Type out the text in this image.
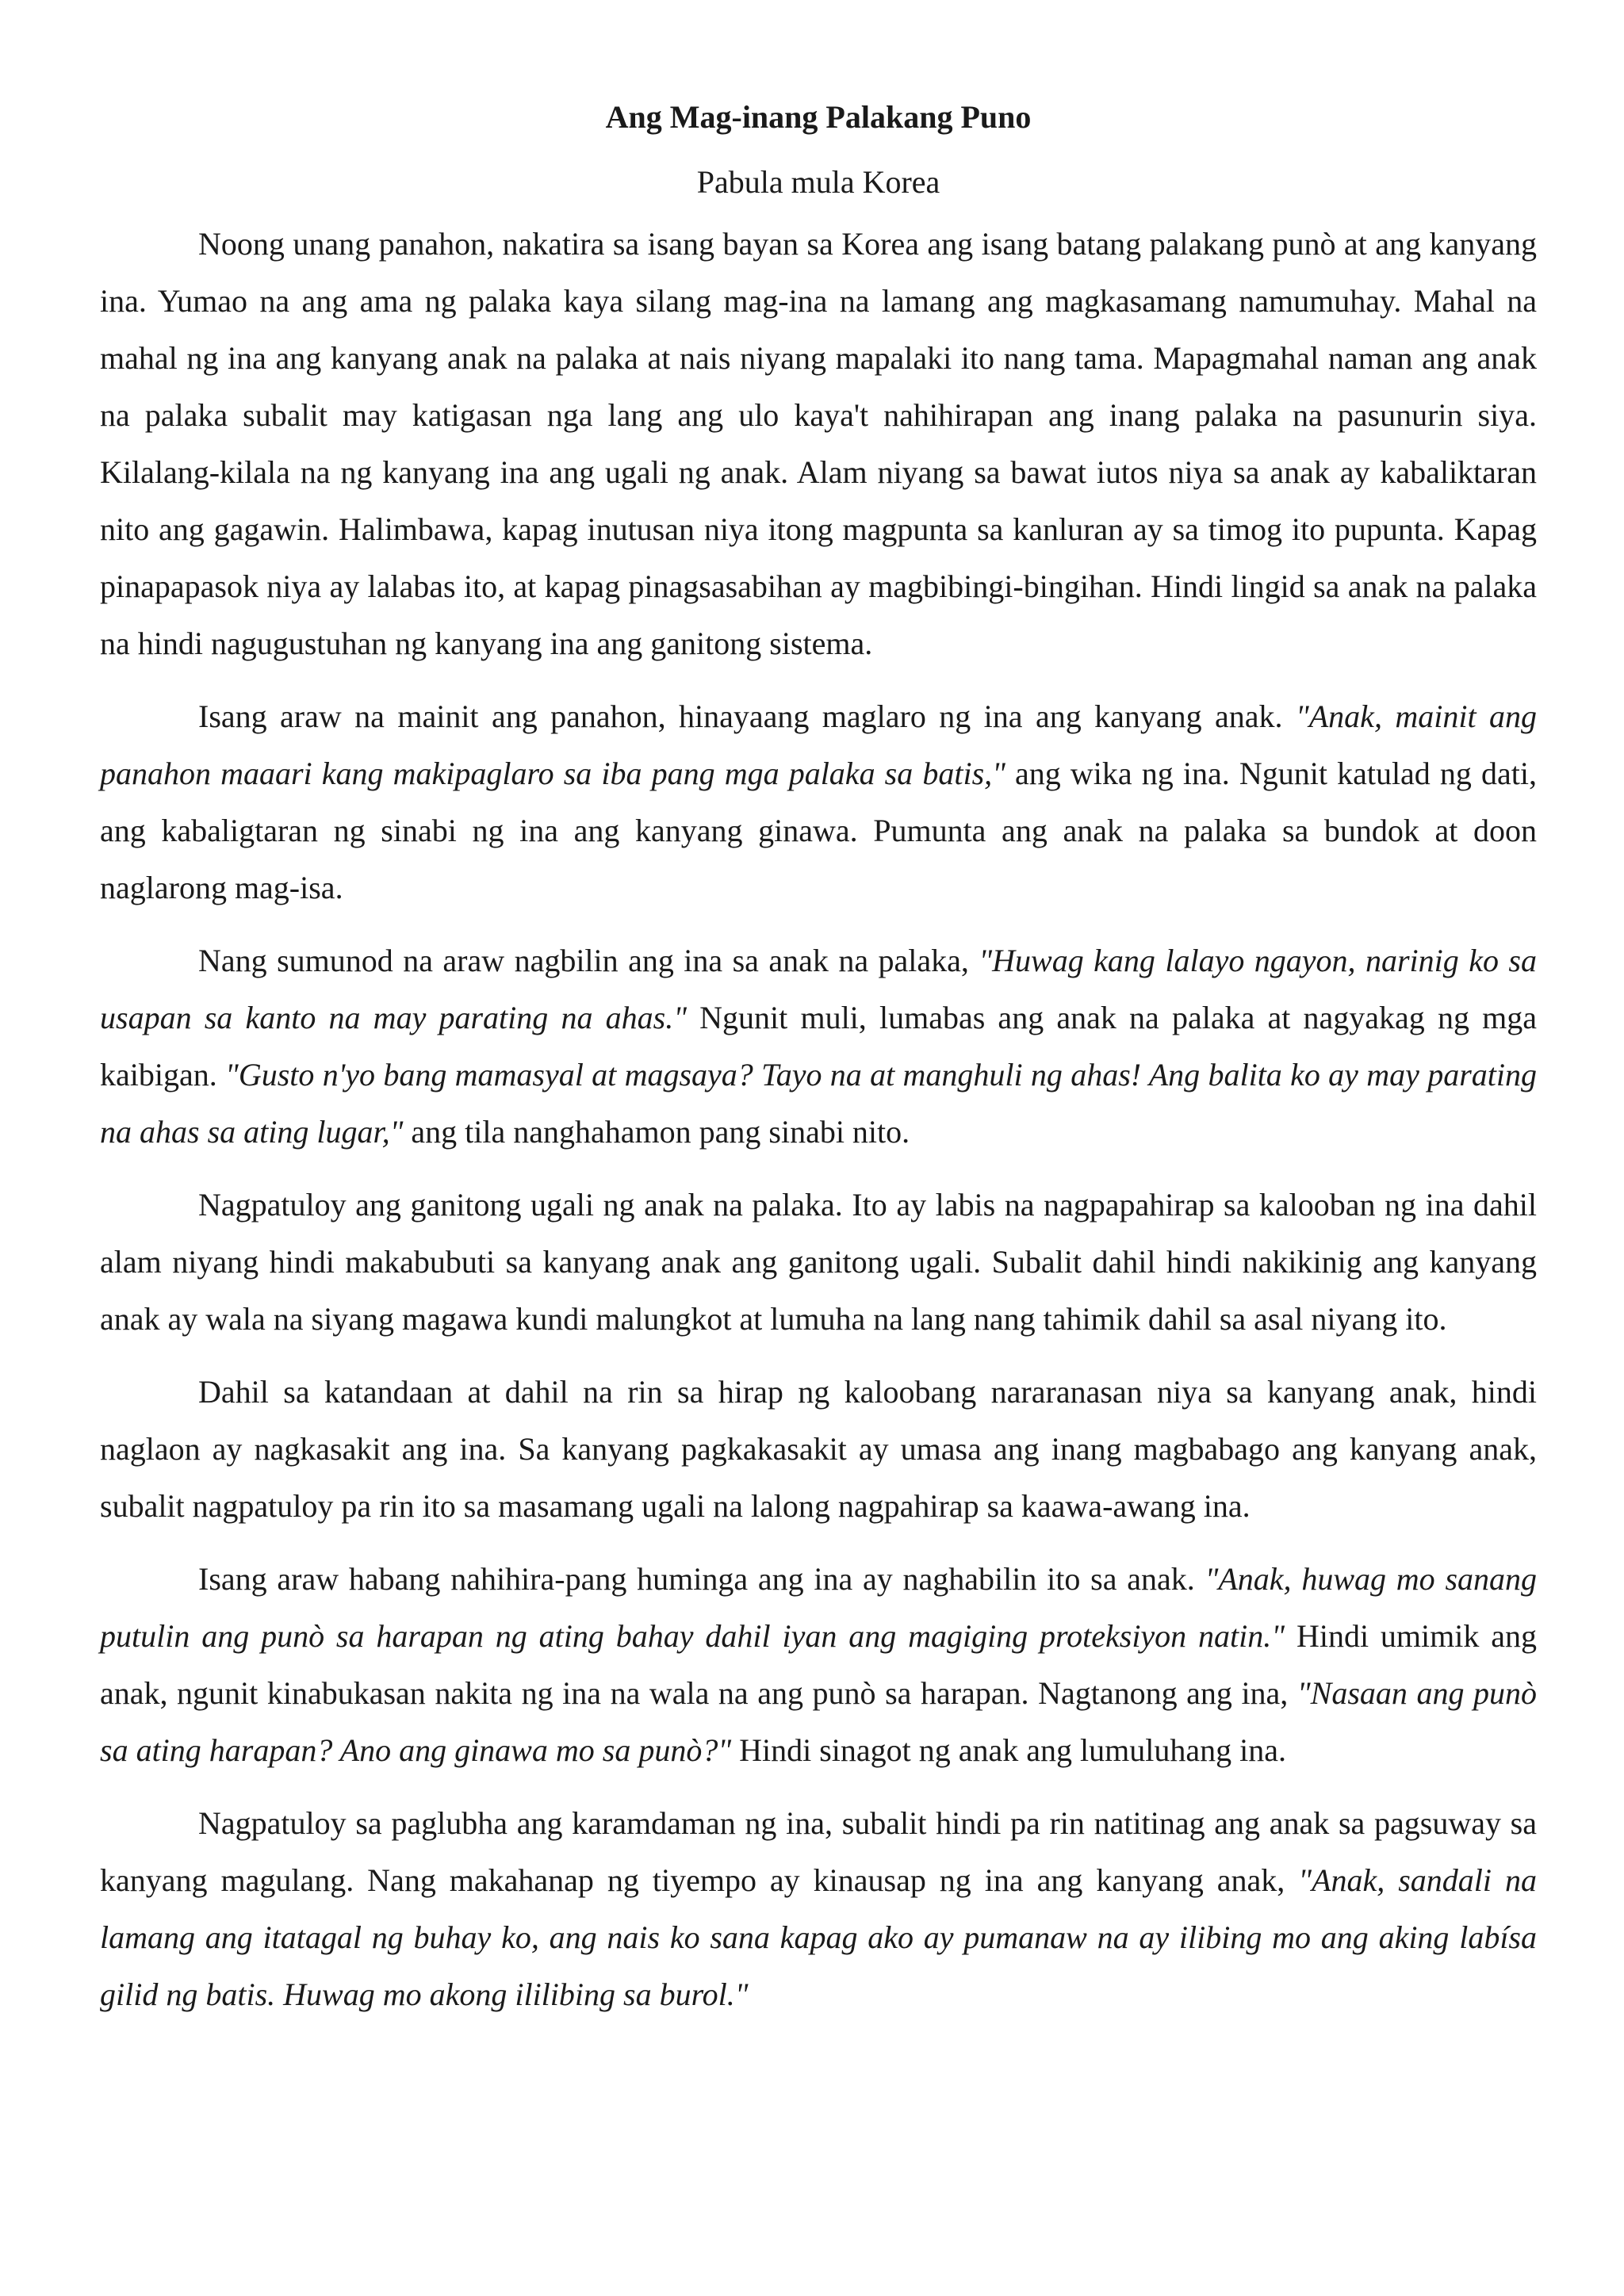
Ang Mag-inang Palakang Puno

Pabula mula Korea

Noong unang panahon, nakatira sa isang bayan sa Korea ang isang batang palakang punò at ang kanyang ina. Yumao na ang ama ng palaka kaya silang mag-ina na lamang ang magkasamang namumuhay. Mahal na mahal ng ina ang kanyang anak na palaka at nais niyang mapalaki ito nang tama. Mapagmahal naman ang anak na palaka subalit may katigasan nga lang ang ulo kaya't nahihirapan ang inang palaka na pasunurin siya. Kilalang-kilala na ng kanyang ina ang ugali ng anak. Alam niyang sa bawat iutos niya sa anak ay kabaliktaran nito ang gagawin. Halimbawa, kapag inutusan niya itong magpunta sa kanluran ay sa timog ito pupunta. Kapag pinapapasok niya ay lalabas ito, at kapag pinagsasabihan ay magbibingi-bingihan. Hindi lingid sa anak na palaka na hindi nagugustuhan ng kanyang ina ang ganitong sistema.

Isang araw na mainit ang panahon, hinayaang maglaro ng ina ang kanyang anak. "Anak, mainit ang panahon maaari kang makipaglaro sa iba pang mga palaka sa batis," ang wika ng ina. Ngunit katulad ng dati, ang kabaligtaran ng sinabi ng ina ang kanyang ginawa. Pumunta ang anak na palaka sa bundok at doon naglarong mag-isa.

Nang sumunod na araw nagbilin ang ina sa anak na palaka, "Huwag kang lalayo ngayon, narinig ko sa usapan sa kanto na may parating na ahas." Ngunit muli, lumabas ang anak na palaka at nagyakag ng mga kaibigan. "Gusto n'yo bang mamasyal at magsaya? Tayo na at manghuli ng ahas! Ang balita ko ay may parating na ahas sa ating lugar," ang tila nanghahamon pang sinabi nito.

Nagpatuloy ang ganitong ugali ng anak na palaka. Ito ay labis na nagpapahirap sa kalooban ng ina dahil alam niyang hindi makabubuti sa kanyang anak ang ganitong ugali. Subalit dahil hindi nakikinig ang kanyang anak ay wala na siyang magawa kundi malungkot at lumuha na lang nang tahimik dahil sa asal niyang ito.

Dahil sa katandaan at dahil na rin sa hirap ng kaloobang nararanasan niya sa kanyang anak, hindi naglaon ay nagkasakit ang ina. Sa kanyang pagkakasakit ay umasa ang inang magbabago ang kanyang anak, subalit nagpatuloy pa rin ito sa masamang ugali na lalong nagpahirap sa kaawa-awang ina.

Isang araw habang nahihira-pang huminga ang ina ay naghabilin ito sa anak. "Anak, huwag mo sanang putulin ang punò sa harapan ng ating bahay dahil iyan ang magiging proteksiyon natin." Hindi umimik ang anak, ngunit kinabukasan nakita ng ina na wala na ang punò sa harapan. Nagtanong ang ina, "Nasaan ang punò sa ating harapan? Ano ang ginawa mo sa punò?" Hindi sinagot ng anak ang lumuluhang ina.

Nagpatuloy sa paglubha ang karamdaman ng ina, subalit hindi pa rin natitinag ang anak sa pagsuway sa kanyang magulang. Nang makahanap ng tiyempo ay kinausap ng ina ang kanyang anak, "Anak, sandali na lamang ang itatagal ng buhay ko, ang nais ko sana kapag ako ay pumanaw na ay ilibing mo ang aking labísa gilid ng batis. Huwag mo akong ililibing sa burol."
